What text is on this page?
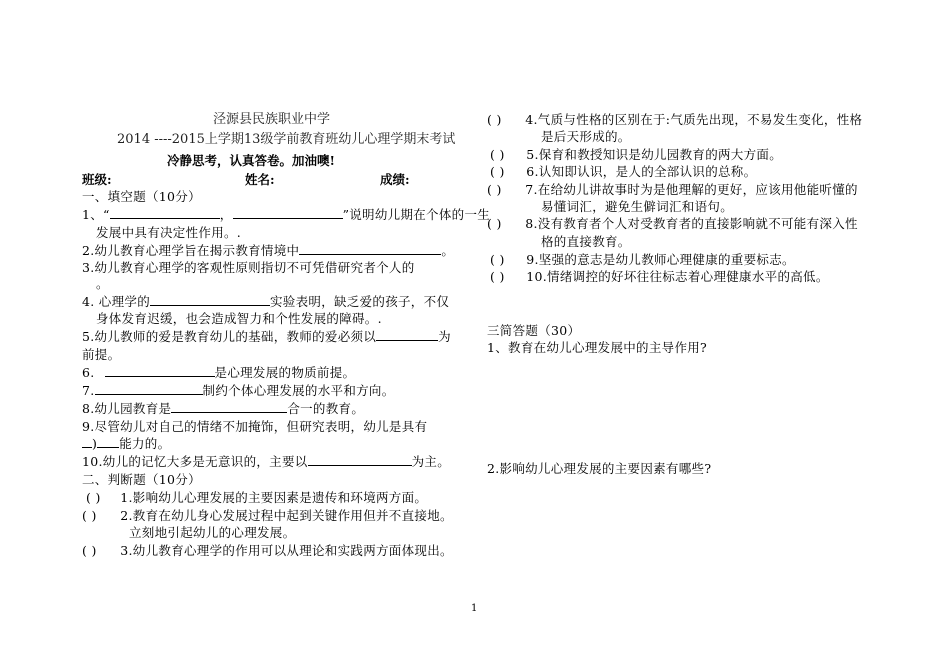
泾源县民族职业中学
2014 ----2015上学期13级学前教育班幼儿心理学期末考试
冷静思考，认真答卷。加油噢!
班级:	姓名:	成绩:
一、填空题（10分）
1、“	，	”说明幼儿期在个体的一生
发展中具有决定性作用。.
2.幼儿教育心理学旨在揭示教育情境中	。
3.幼儿教育心理学的客观性原则指切不可凭借研究者个人的
。
4. 心理学的	实验表明，缺乏爱的孩子，不仅
身体发育迟缓，也会造成智力和个性发展的障碍。.
5.幼儿教师的爱是教育幼儿的基础，教师的爱必须以	为
前提。
6.	是心理发展的物质前提。
7.	制约个体心理发展的水平和方向。
8.幼儿园教育是	合一的教育。
9.尽管幼儿对自己的情绪不加掩饰，但研究表明，幼儿是具有
) 能力的。
10.幼儿的记忆大多是无意识的，主要以	为主。
二、判断题（10分）
( ) 1.影响幼儿心理发展的主要因素是遗传和环境两方面。
( ) 2.教育在幼儿身心发展过程中起到关键作用但并不直接地。
立刻地引起幼儿的心理发展。
( ) 3.幼儿教育心理学的作用可以从理论和实践两方面体现出。
( ) 4.气质与性格的区别在于:气质先出现，不易发生变化，性格
是后天形成的。
( ) 5.保育和教授知识是幼儿园教育的两大方面。
( ) 6.认知即认识，是人的全部认识的总称。
( ) 7.在给幼儿讲故事时为是他理解的更好，应该用他能听懂的
易懂词汇，避免生僻词汇和语句。
( ) 8.没有教育者个人对受教育者的直接影响就不可能有深入性
格的直接教育。
( ) 9.坚强的意志是幼儿教师心理健康的重要标志。
( ) 10.情绪调控的好坏往往标志着心理健康水平的高低。
三简答题（30）
1、教育在幼儿心理发展中的主导作用?
2.影响幼儿心理发展的主要因素有哪些?
1
